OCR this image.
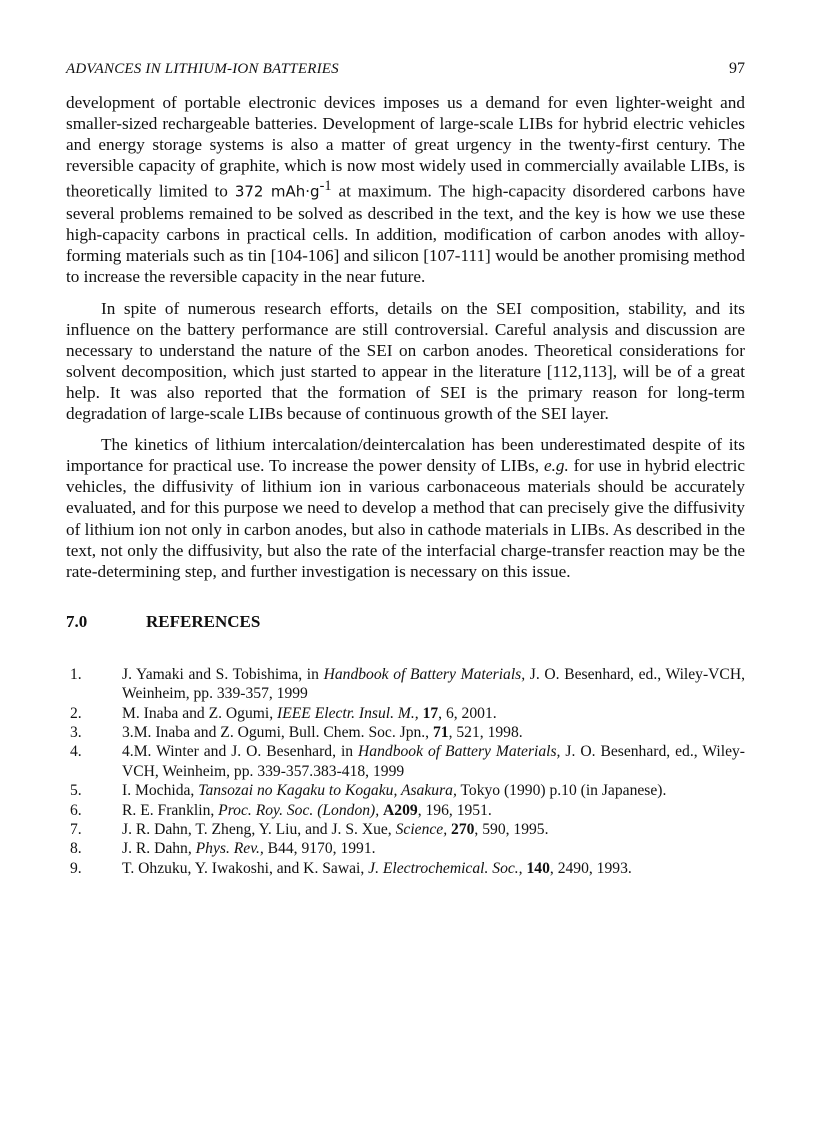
ADVANCES IN LITHIUM-ION BATTERIES	97

development of portable electronic devices imposes us a demand for even lighter-weight and smaller-sized rechargeable batteries. Development of large-scale LIBs for hybrid electric vehicles and energy storage systems is also a matter of great urgency in the twenty-first century. The reversible capacity of graphite, which is now most widely used in commercially available LIBs, is theoretically limited to 372 $mAh\cdot g^{-1}$ at maximum. The high-capacity disordered carbons have several problems remained to be solved as described in the text, and the key is how we use these high-capacity carbons in practical cells. In addition, modification of carbon anodes with alloy-forming materials such as tin [104-106] and silicon [107-111] would be another promising method to increase the reversible capacity in the near future.

In spite of numerous research efforts, details on the SEI composition, stability, and its influence on the battery performance are still controversial. Careful analysis and discussion are necessary to understand the nature of the SEI on carbon anodes. Theoretical considerations for solvent decomposition, which just started to appear in the literature [112,113], will be of a great help. It was also reported that the formation of SEI is the primary reason for long-term degradation of large-scale LIBs because of continuous growth of the SEI layer.

The kinetics of lithium intercalation/deintercalation has been underestimated despite of its importance for practical use. To increase the power density of LIBs, e.g. for use in hybrid electric vehicles, the diffusivity of lithium ion in various carbonaceous materials should be accurately evaluated, and for this purpose we need to develop a method that can precisely give the diffusivity of lithium ion not only in carbon anodes, but also in cathode materials in LIBs. As described in the text, not only the diffusivity, but also the rate of the interfacial charge-transfer reaction may be the rate-determining step, and further investigation is necessary on this issue.

7.0	REFERENCES
1.	J. Yamaki and S. Tobishima, in Handbook of Battery Materials, J. O. Besenhard, ed., Wiley-VCH, Weinheim, pp. 339-357, 1999
2.	M. Inaba and Z. Ogumi, IEEE Electr. Insul. M., 17, 6, 2001.
3.	3.M. Inaba and Z. Ogumi, Bull. Chem. Soc. Jpn., 71, 521, 1998.
4.	4.M. Winter and J. O. Besenhard, in Handbook of Battery Materials, J. O. Besenhard, ed., Wiley-VCH, Weinheim, pp. 339-357.383-418, 1999
5.	I. Mochida, Tansozai no Kagaku to Kogaku, Asakura, Tokyo (1990) p.10 (in Japanese).
6.	R. E. Franklin, Proc. Roy. Soc. (London), A209, 196, 1951.
7.	J. R. Dahn, T. Zheng, Y. Liu, and J. S. Xue, Science, 270, 590, 1995.
8.	J. R. Dahn, Phys. Rev., B44, 9170, 1991.
9.	T. Ohzuku, Y. Iwakoshi, and K. Sawai, J. Electrochemical. Soc., 140, 2490, 1993.
